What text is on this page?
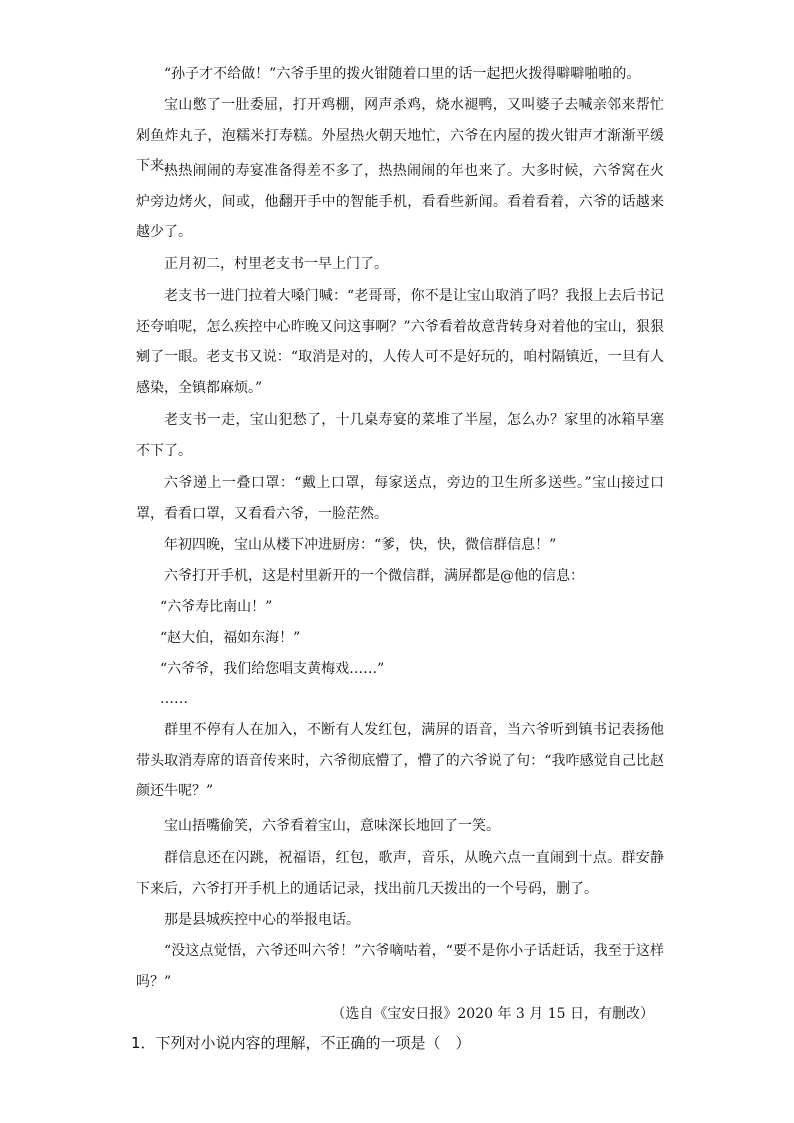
“孙子才不给做！”六爷手里的拨火钳随着口里的话一起把火拨得噼噼啪啪的。

宝山憋了一肚委屈，打开鸡棚，网声杀鸡，烧水褪鸭，又叫婆子去喊亲邻来帮忙剁鱼炸丸子，泡糯米打寿糕。外屋热火朝天地忙，六爷在内屋的拨火钳声才渐渐平缓下来。

热热闹闹的寿宴准备得差不多了，热热闹闹的年也来了。大多时候，六爷窝在火炉旁边烤火，间或，他翻开手中的智能手机，看看些新闻。看着看着，六爷的话越来越少了。

正月初二，村里老支书一早上门了。

老支书一进门拉着大嗓门喊：“老哥哥，你不是让宝山取消了吗？我报上去后书记还夸咱呢，怎么疾控中心昨晚又问这事啊？”六爷看着故意背转身对着他的宝山，狠狠剜了一眼。老支书又说：“取消是对的，人传人可不是好玩的，咱村隔镇近，一旦有人感染，全镇都麻烦。”

老支书一走，宝山犯愁了，十几桌寿宴的菜堆了半屋，怎么办？家里的冰箱早塞不下了。

六爷递上一叠口罩：“戴上口罩，每家送点，旁边的卫生所多送些。”宝山接过口罩，看看口罩，又看看六爷，一脸茫然。

年初四晚，宝山从楼下冲进厨房：“爹，快，快，微信群信息！”

六爷打开手机，这是村里新开的一个微信群，满屏都是@他的信息：

“六爷寿比南山！”

“赵大伯，福如东海！”

“六爷爷，我们给您唱支黄梅戏……”

……

群里不停有人在加入，不断有人发红包，满屏的语音，当六爷听到镇书记表扬他带头取消寿席的语音传来时，六爷彻底懵了，懵了的六爷说了句：“我咋感觉自己比赵颜还牛呢？”

宝山捂嘴偷笑，六爷看着宝山，意味深长地回了一笑。

群信息还在闪跳，祝福语，红包，歌声，音乐，从晚六点一直闹到十点。群安静下来后，六爷打开手机上的通话记录，找出前几天拨出的一个号码，删了。

那是县城疾控中心的举报电话。

“没这点觉悟，六爷还叫六爷！”六爷嘀咕着，“要不是你小子话赶话，我至于这样吗？”

（选自《宝安日报》2020 年 3 月 15 日，有删改）

1．下列对小说内容的理解，不正确的一项是（　）
